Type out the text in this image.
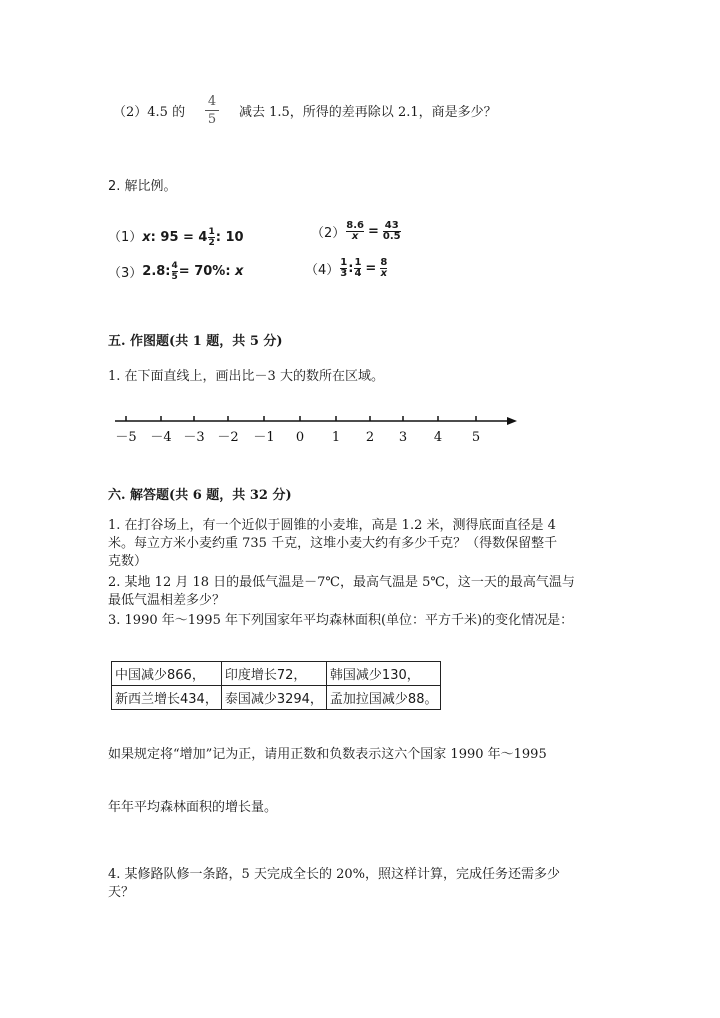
（2）4.5 的
4
5 减去 1.5，所得的差再除以 2.1，商是多少？
2. 解比例。
（1）x: $95 = 4\frac{1}{2}$: 10	$(2)\frac{8.6}{x} = \frac{43}{0.5}$
$(3)2.8:\frac{4}{5}= 70\%$: x	$(4)\frac{1}{3}:\frac{1}{4} = \frac{8}{x}$
五. 作图题(共 1 题，共 5 分)
1. 在下面直线上，画出比－3 大的数所在区域。
－5 －4 －3 －2 －1 0 1 2 3 4 5
六. 解答题(共 6 题，共 32 分)
1. 在打谷场上，有一个近似于圆锥的小麦堆，高是 1.2 米，测得底面直径是 4
米。每立方米小麦约重 735 千克，这堆小麦大约有多少千克？（得数保留整千
克数）
2. 某地 12 月 18 日的最低气温是－7℃，最高气温是 5℃，这一天的最高气温与
最低气温相差多少？
3. 1990 年～1995 年下列国家年平均森林面积(单位：平方千米)的变化情况是：
中国减少866，	印度增长72，	韩国减少130，
新西兰增长434，	泰国减少3294，	孟加拉国减少88。
如果规定将“增加”记为正，请用正数和负数表示这六个国家 1990 年～1995
年年平均森林面积的增长量。
4. 某修路队修一条路，5 天完成全长的 20%，照这样计算，完成任务还需多少
天？
